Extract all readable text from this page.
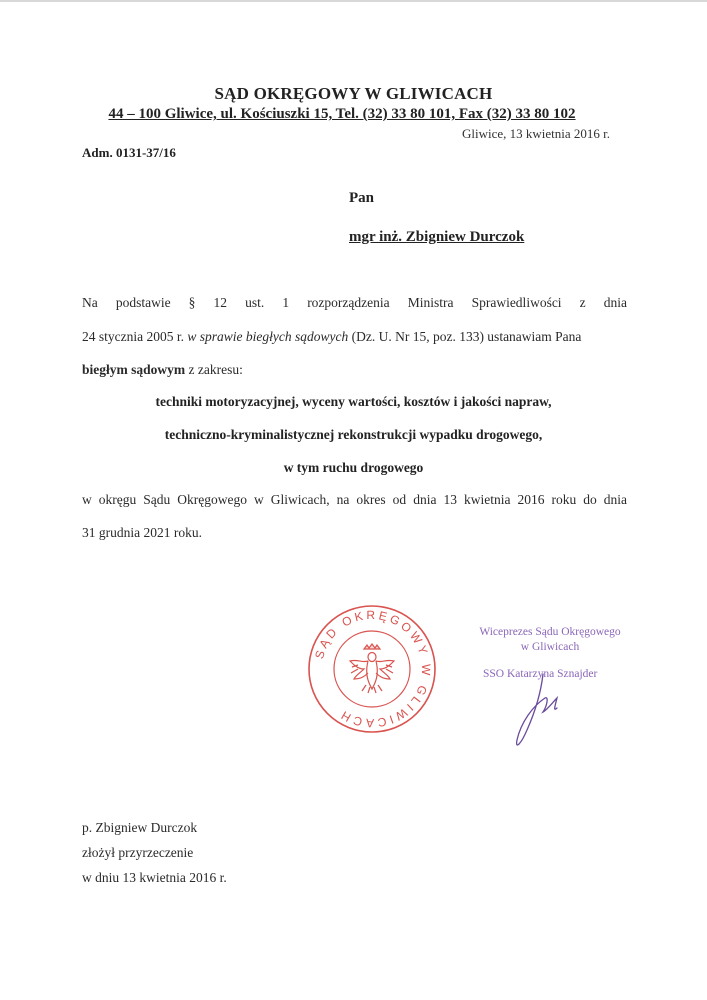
SĄD OKRĘGOWY W GLIWICACH
44 – 100 Gliwice, ul. Kościuszki 15, Tel. (32) 33 80 101, Fax (32) 33 80 102
Gliwice, 13 kwietnia 2016 r.
Adm. 0131-37/16
Pan
mgr inż. Zbigniew Durczok
Na podstawie § 12 ust. 1 rozporządzenia Ministra Sprawiedliwości z dnia
24 stycznia 2005 r. w sprawie biegłych sądowych (Dz. U. Nr 15, poz. 133) ustanawiam Pana
biegłym sądowym z zakresu:
techniki motoryzacyjnej, wyceny wartości, kosztów i jakości napraw,
techniczno-kryminalistycznej rekonstrukcji wypadku drogowego,
w tym ruchu drogowego
w okręgu Sądu Okręgowego w Gliwicach, na okres od dnia 13 kwietnia 2016 roku do dnia
31 grudnia 2021 roku.
SĄD OKRĘGOWY W GLIWICACH
Wiceprezes Sądu Okręgowego
w Gliwicach
SSO Katarzyna Sznajder
p. Zbigniew Durczok
złożył przyrzeczenie
w dniu 13 kwietnia 2016 r.
